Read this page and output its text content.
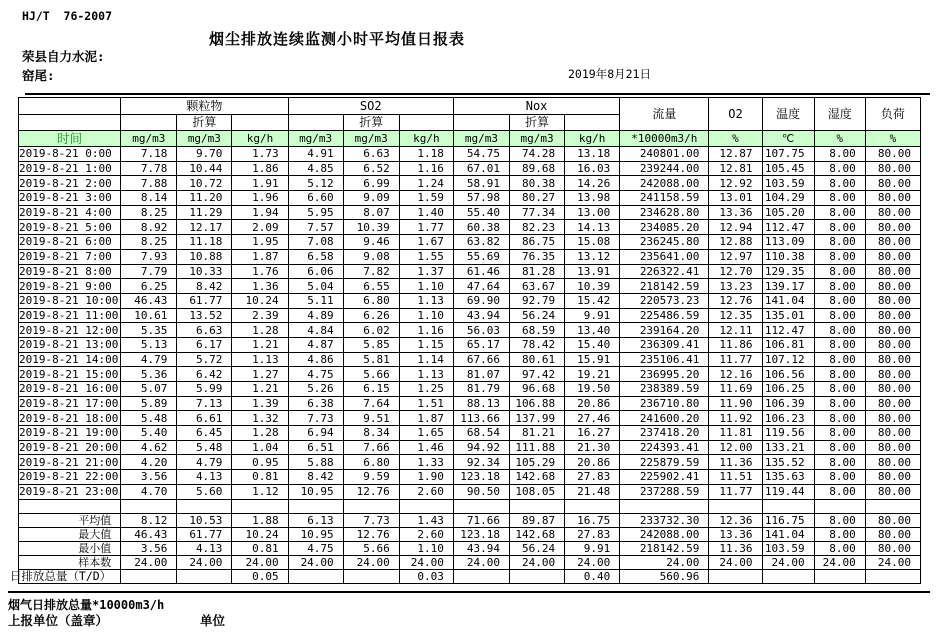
HJ/T  76-2007
烟尘排放连续监测小时平均值日报表
荣县自力水泥:
窑尾:	2019年8月21日
	颗粒物			SO2			Nox			流量	O2	温度	湿度	负荷
		折算			折算			折算						
时间	mg/m3	mg/m3	kg/h	mg/m3	mg/m3	kg/h	mg/m3	mg/m3	kg/h	*10000m3/h	%	℃	%	%
2019-8-21 0:00	7.18	9.70	1.73	4.91	6.63	1.18	54.75	74.28	13.18	240801.00	12.87	107.75	8.00	80.00
2019-8-21 1:00	7.78	10.44	1.86	4.85	6.52	1.16	67.01	89.68	16.03	239244.00	12.81	105.45	8.00	80.00
2019-8-21 2:00	7.88	10.72	1.91	5.12	6.99	1.24	58.91	80.38	14.26	242088.00	12.92	103.59	8.00	80.00
2019-8-21 3:00	8.14	11.20	1.96	6.60	9.09	1.59	57.98	80.27	13.98	241158.59	13.01	104.29	8.00	80.00
2019-8-21 4:00	8.25	11.29	1.94	5.95	8.07	1.40	55.40	77.34	13.00	234628.80	13.36	105.20	8.00	80.00
2019-8-21 5:00	8.92	12.17	2.09	7.57	10.39	1.77	60.38	82.23	14.13	234085.20	12.94	112.47	8.00	80.00
2019-8-21 6:00	8.25	11.18	1.95	7.08	9.46	1.67	63.82	86.75	15.08	236245.80	12.88	113.09	8.00	80.00
2019-8-21 7:00	7.93	10.88	1.87	6.58	9.08	1.55	55.69	76.35	13.12	235641.00	12.97	110.38	8.00	80.00
2019-8-21 8:00	7.79	10.33	1.76	6.06	7.82	1.37	61.46	81.28	13.91	226322.41	12.70	129.35	8.00	80.00
2019-8-21 9:00	6.25	8.42	1.36	5.04	6.55	1.10	47.64	63.67	10.39	218142.59	13.23	139.17	8.00	80.00
2019-8-21 10:00	46.43	61.77	10.24	5.11	6.80	1.13	69.90	92.79	15.42	220573.23	12.76	141.04	8.00	80.00
2019-8-21 11:00	10.61	13.52	2.39	4.89	6.26	1.10	43.94	56.24	9.91	225486.59	12.35	135.01	8.00	80.00
2019-8-21 12:00	5.35	6.63	1.28	4.84	6.02	1.16	56.03	68.59	13.40	239164.20	12.11	112.47	8.00	80.00
2019-8-21 13:00	5.13	6.17	1.21	4.87	5.85	1.15	65.17	78.42	15.40	236309.41	11.86	106.81	8.00	80.00
2019-8-21 14:00	4.79	5.72	1.13	4.86	5.81	1.14	67.66	80.61	15.91	235106.41	11.77	107.12	8.00	80.00
2019-8-21 15:00	5.36	6.42	1.27	4.75	5.66	1.13	81.07	97.42	19.21	236995.20	12.16	106.56	8.00	80.00
2019-8-21 16:00	5.07	5.99	1.21	5.26	6.15	1.25	81.79	96.68	19.50	238389.59	11.69	106.25	8.00	80.00
2019-8-21 17:00	5.89	7.13	1.39	6.38	7.64	1.51	88.13	106.88	20.86	236710.80	11.90	106.39	8.00	80.00
2019-8-21 18:00	5.48	6.61	1.32	7.73	9.51	1.87	113.66	137.99	27.46	241600.20	11.92	106.23	8.00	80.00
2019-8-21 19:00	5.40	6.45	1.28	6.94	8.34	1.65	68.54	81.21	16.27	237418.20	11.81	119.56	8.00	80.00
2019-8-21 20:00	4.62	5.48	1.04	6.51	7.66	1.46	94.92	111.88	21.30	224393.41	12.00	133.21	8.00	80.00
2019-8-21 21:00	4.20	4.79	0.95	5.88	6.80	1.33	92.34	105.29	20.86	225879.59	11.36	135.52	8.00	80.00
2019-8-21 22:00	3.56	4.13	0.81	8.42	9.59	1.90	123.18	142.68	27.83	225902.41	11.51	135.63	8.00	80.00
2019-8-21 23:00	4.70	5.60	1.12	10.95	12.76	2.60	90.50	108.05	21.48	237288.59	11.77	119.44	8.00	80.00

平均值	8.12	10.53	1.88	6.13	7.73	1.43	71.66	89.87	16.75	233732.30	12.36	116.75	8.00	80.00
最大值	46.43	61.77	10.24	10.95	12.76	2.60	123.18	142.68	27.83	242088.00	13.36	141.04	8.00	80.00
最小值	3.56	4.13	0.81	4.75	5.66	1.10	43.94	56.24	9.91	218142.59	11.36	103.59	8.00	80.00
样本数	24.00	24.00	24.00	24.00	24.00	24.00	24.00	24.00	24.00	24.00	24.00	24.00	24.00	24.00

日排放总量（T/D）			0.05			0.03			0.40	560.96				
烟气日排放总量*10000m3/h
上报单位（盖章）	单位
